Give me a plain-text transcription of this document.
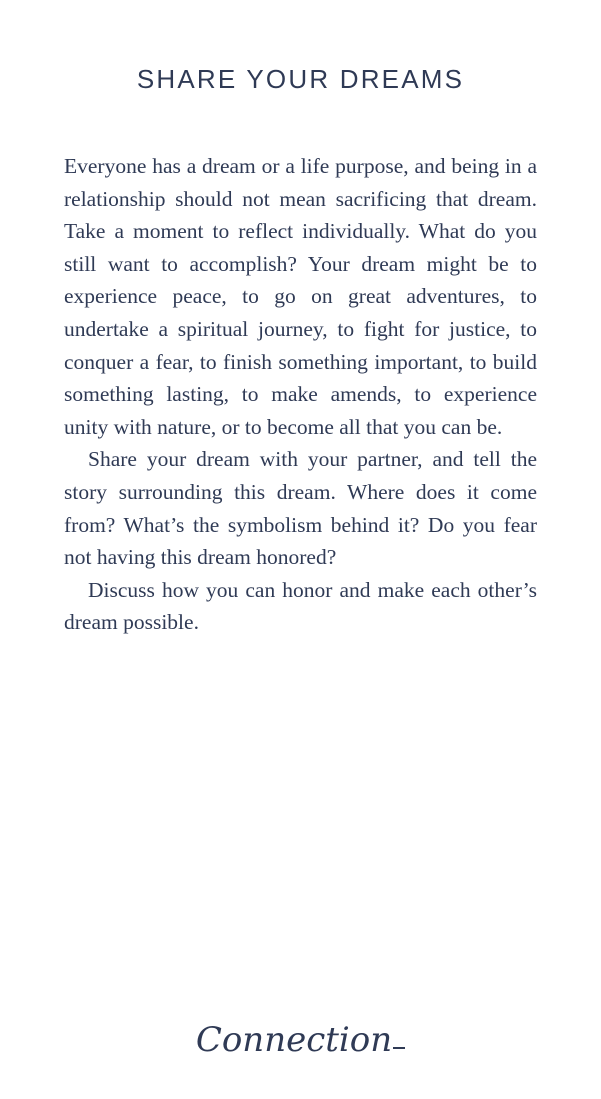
SHARE YOUR DREAMS

Everyone has a dream or a life purpose, and being in a relationship should not mean sacrificing that dream. Take a moment to reflect individually. What do you still want to accomplish? Your dream might be to experience peace, to go on great adventures, to undertake a spiritual journey, to fight for justice, to conquer a fear, to finish something important, to build something lasting, to make amends, to experience unity with nature, or to become all that you can be.

Share your dream with your partner, and tell the story surrounding this dream. Where does it come from? What’s the symbolism behind it? Do you fear not having this dream honored?

Discuss how you can honor and make each other’s dream possible.

Connection
